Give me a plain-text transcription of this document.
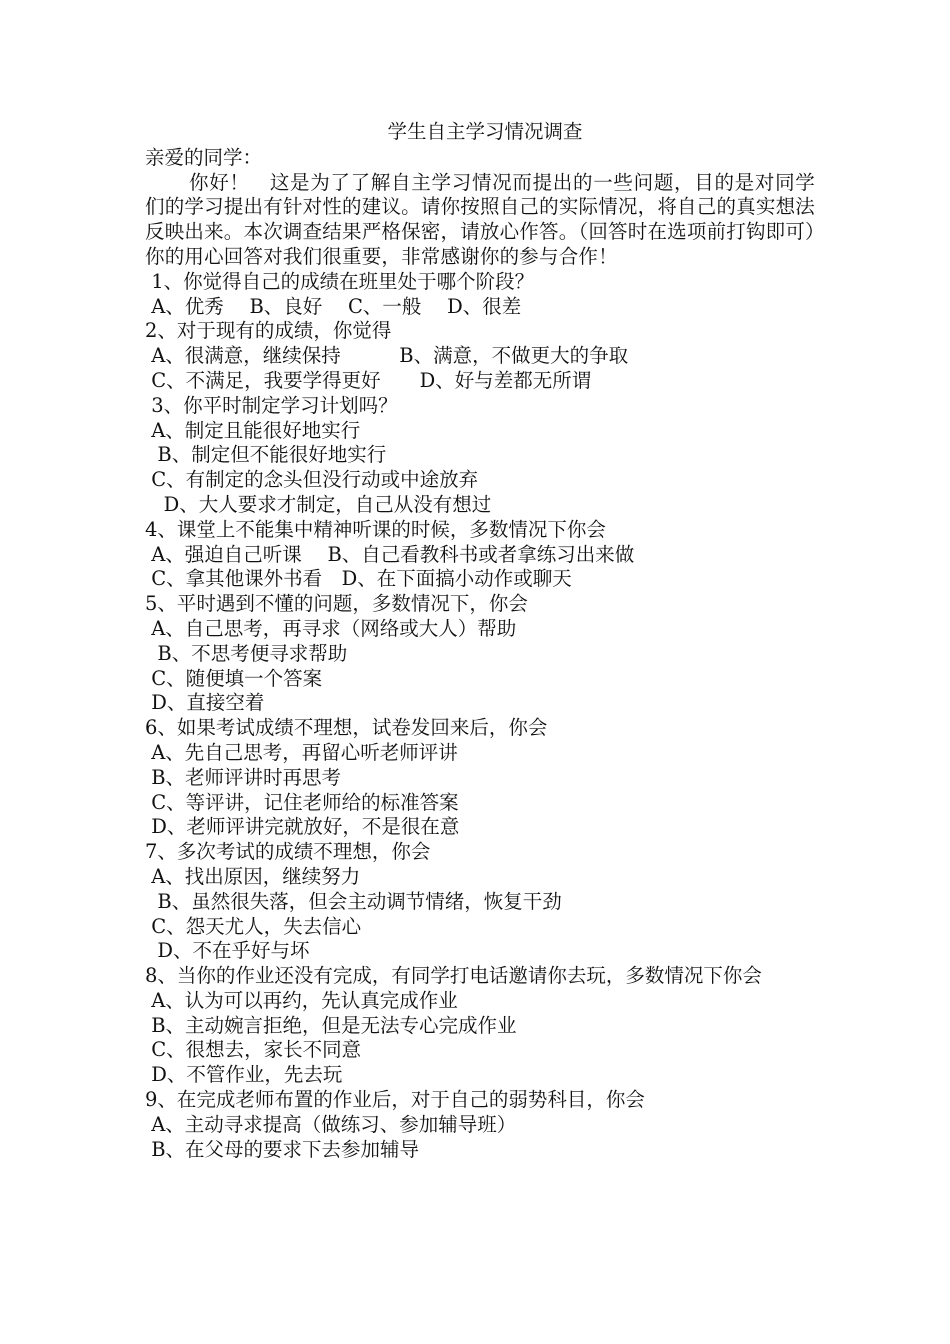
学生自主学习情况调查
亲爱的同学：
你好！　这是为了了解自主学习情况而提出的一些问题，目的是对同学们的学习提出有针对性的建议。请你按照自己的实际情况，将自己的真实想法反映出来。本次调查结果严格保密，请放心作答。（回答时在选项前打钩即可）　你的用心回答对我们很重要，非常感谢你的参与合作！
1、你觉得自己的成绩在班里处于哪个阶段？
A、优秀　 B、良好　 C、一般　 D、很差
2、对于现有的成绩，你觉得
A、很满意，继续保持　　　B、满意，不做更大的争取
C、不满足，我要学得更好　　D、好与差都无所谓
3、你平时制定学习计划吗？
A、制定且能很好地实行
B、制定但不能很好地实行
C、有制定的念头但没行动或中途放弃
D、大人要求才制定，自己从没有想过
4、课堂上不能集中精神听课的时候，多数情况下你会
A、强迫自己听课　 B、自己看教科书或者拿练习出来做
C、拿其他课外书看　D、在下面搞小动作或聊天
5、平时遇到不懂的问题，多数情况下，你会
A、自己思考，再寻求（网络或大人）帮助
B、不思考便寻求帮助
C、随便填一个答案
D、直接空着
6、如果考试成绩不理想，试卷发回来后，你会
A、先自己思考，再留心听老师评讲
B、老师评讲时再思考
C、等评讲，记住老师给的标准答案
D、老师评讲完就放好，不是很在意
7、多次考试的成绩不理想，你会
A、找出原因，继续努力
B、虽然很失落，但会主动调节情绪，恢复干劲
C、怨天尤人，失去信心
D、不在乎好与坏
8、当你的作业还没有完成，有同学打电话邀请你去玩，多数情况下你会
A、认为可以再约，先认真完成作业
B、主动婉言拒绝，但是无法专心完成作业
C、很想去，家长不同意
D、不管作业，先去玩
9、在完成老师布置的作业后，对于自己的弱势科目，你会
A、主动寻求提高（做练习、参加辅导班）
B、在父母的要求下去参加辅导
